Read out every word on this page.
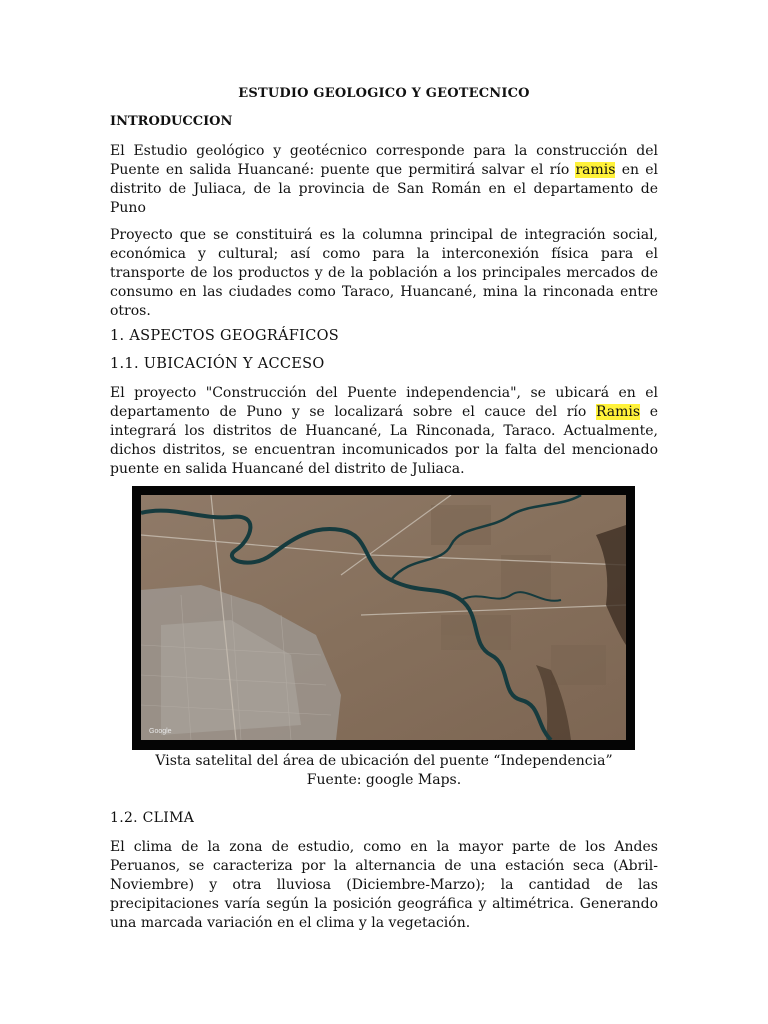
ESTUDIO GEOLOGICO Y GEOTECNICO
INTRODUCCION
El Estudio geológico y geotécnico corresponde para la construcción del Puente en salida Huancané: puente que permitirá salvar el río ramis en el distrito de Juliaca, de la provincia de San Román en el departamento de Puno
Proyecto que se constituirá es la columna principal de integración social, económica y cultural; así como para la interconexión física para el transporte de los productos y de la población a los principales mercados de consumo en las ciudades como Taraco, Huancané, mina la rinconada entre otros.
1. ASPECTOS GEOGRÁFICOS
1.1. UBICACIÓN Y ACCESO
El proyecto "Construcción del Puente independencia", se ubicará en el departamento de Puno y se localizará sobre el cauce del río Ramis e integrará los distritos de Huancané, La Rinconada, Taraco. Actualmente, dichos distritos, se encuentran incomunicados por la falta del mencionado puente en salida Huancané del distrito de Juliaca.
Google
Vista satelital del área de ubicación del puente “Independencia”
Fuente: google Maps.
1.2. CLIMA
El clima de la zona de estudio, como en la mayor parte de los Andes Peruanos, se caracteriza por la alternancia de una estación seca (Abril-Noviembre) y otra lluviosa (Diciembre-Marzo); la cantidad de las precipitaciones varía según la posición geográfica y altimétrica. Generando una marcada variación en el clima y la vegetación.
